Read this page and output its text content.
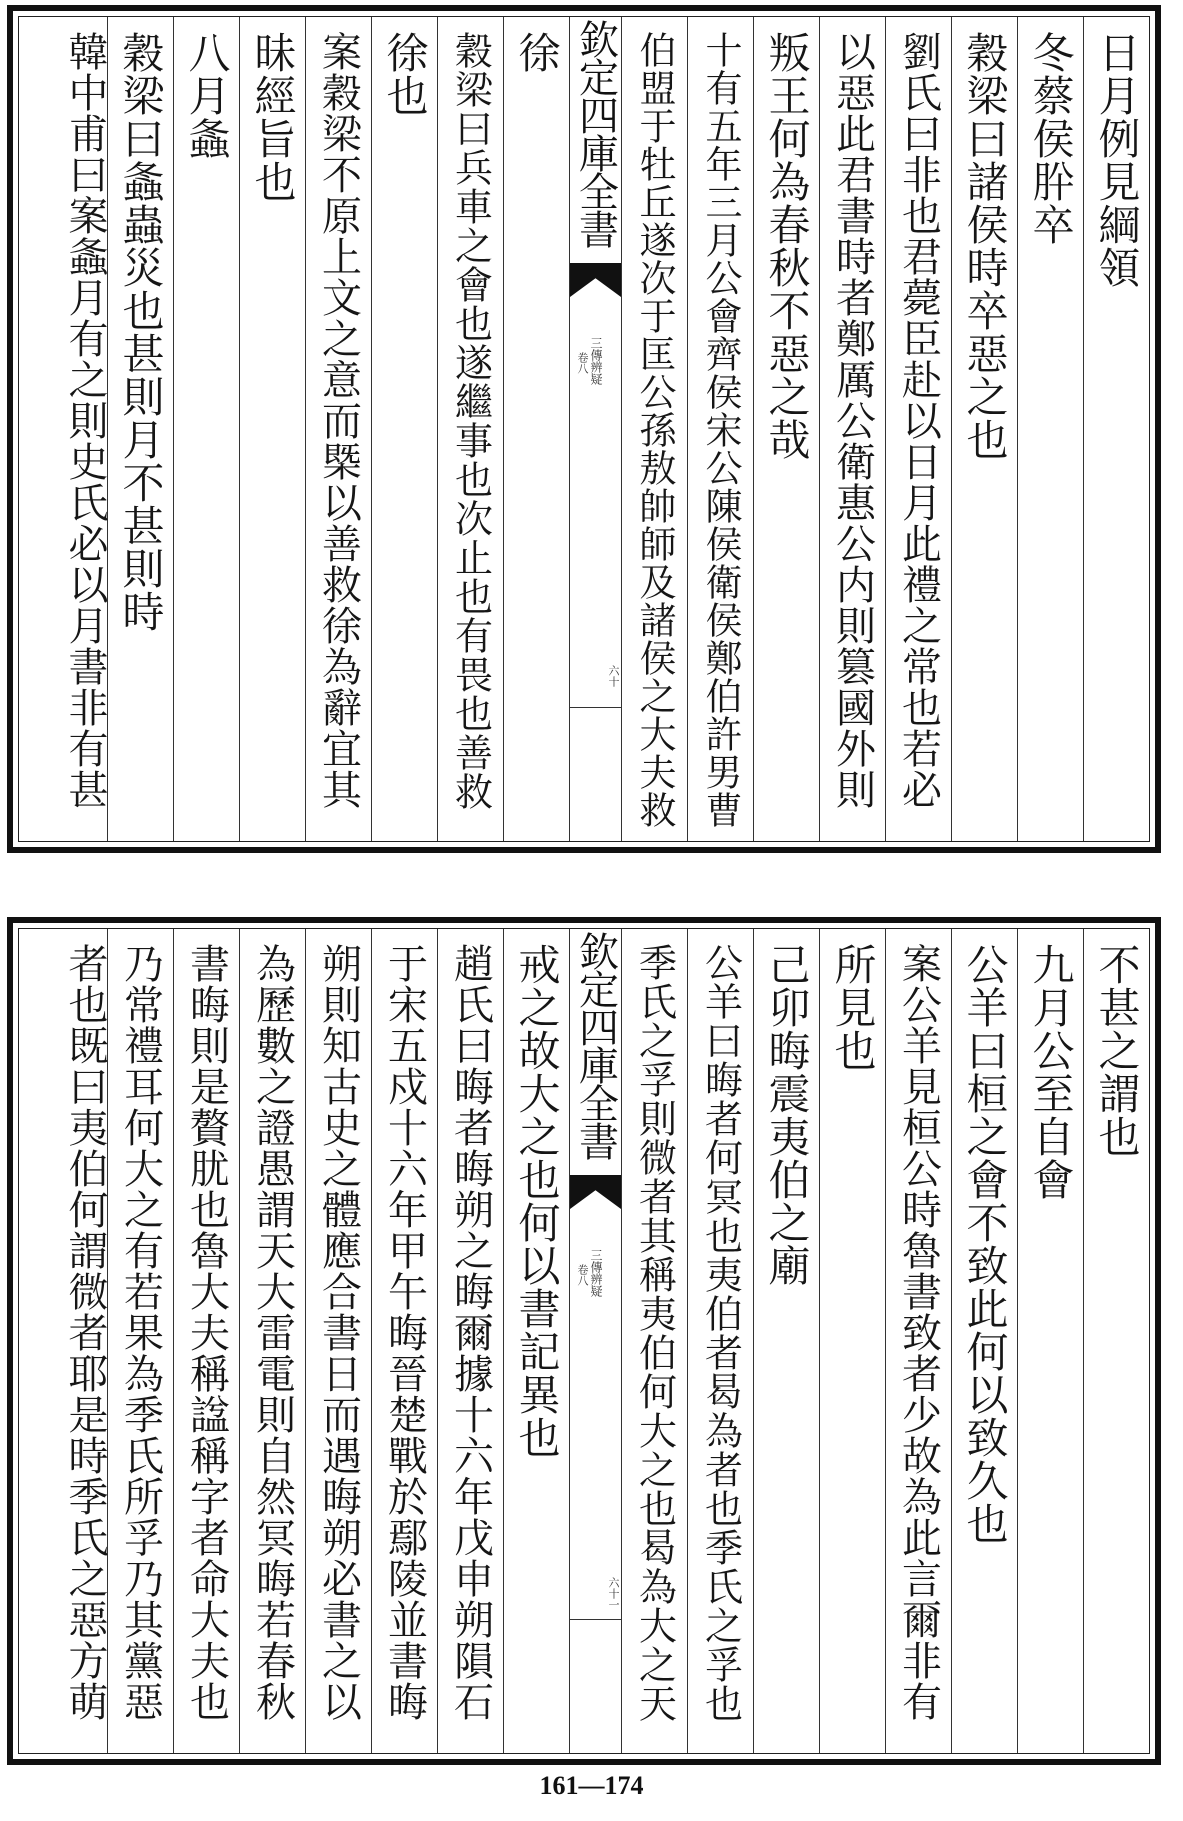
日月例見綱領
冬蔡侯肸卒
穀梁曰諸侯時卒惡之也
劉氏曰非也君薨臣赴以日月此禮之常也若必
以惡此君書時者鄭厲公衛惠公内則篡國外則
叛王何為春秋不惡之哉
十有五年三月公會齊侯宋公陳侯衛侯鄭伯許男曹
伯盟于牡丘遂次于匡公孫敖帥師及諸侯之大夫救
欽定四庫全書
三傳辨疑
卷八
六十
徐
穀梁曰兵車之會也遂繼事也次止也有畏也善救
徐也
案穀梁不原上文之意而槩以善救徐為辭宜其
昧經旨也
八月螽
穀梁曰螽蟲災也甚則月不甚則時
韓中甫曰案螽月有之則史氏必以月書非有甚
不甚之謂也
九月公至自會
公羊曰桓之會不致此何以致久也
案公羊見桓公時魯書致者少故為此言爾非有
所見也
己卯晦震夷伯之廟
公羊曰晦者何冥也夷伯者曷為者也季氏之孚也
季氏之孚則微者其稱夷伯何大之也曷為大之天
欽定四庫全書
三傳辨疑
卷八
六十一
戒之故大之也何以書記異也
趙氏曰晦者晦朔之晦爾據十六年戊申朔隕石
于宋五戍十六年甲午晦晉楚戰於鄢陵並書晦
朔則知古史之體應合書日而遇晦朔必書之以
為歷數之證愚謂天大雷電則自然冥晦若春秋
書晦則是贅肬也魯大夫稱諡稱字者命大夫也
乃常禮耳何大之有若果為季氏所孚乃其黨惡
者也既曰夷伯何謂微者耶是時季氏之惡方萌
161—174
